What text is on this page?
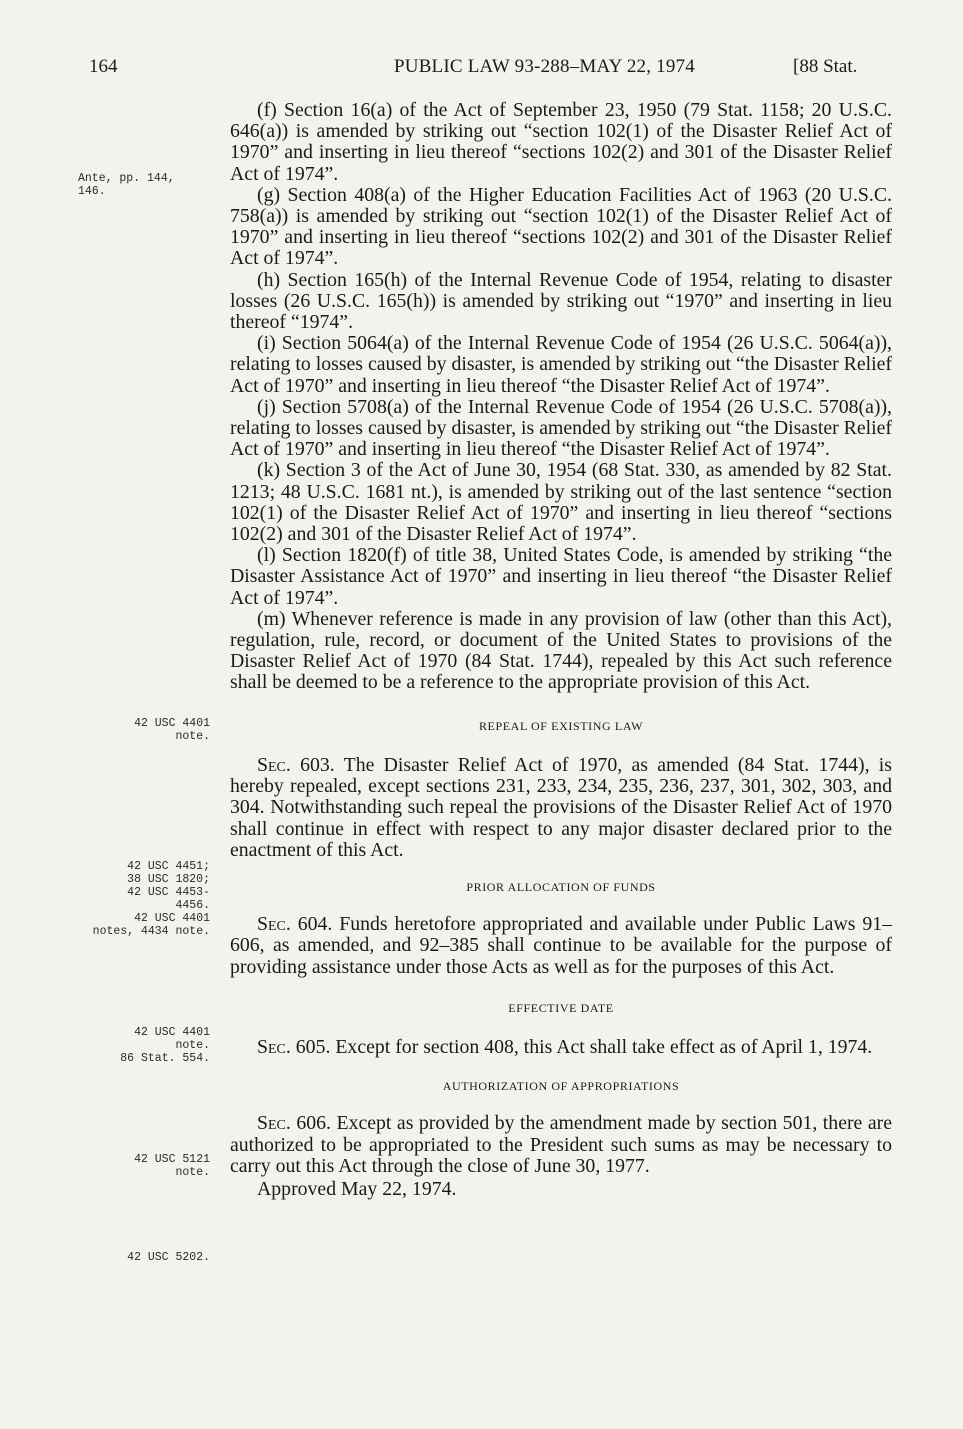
164	PUBLIC LAW 93-288–MAY 22, 1974	[88 Stat.
Ante, pp. 144,
146.
42 USC 4401
note.
42 USC 4451;
38 USC 1820;
42 USC 4453-
4456.
42 USC 4401
notes, 4434 note.
42 USC 4401
note.
86 Stat. 554.
42 USC 5121
note.
42 USC 5202.

(f) Section 16(a) of the Act of September 23, 1950 (79 Stat. 1158; 20 U.S.C. 646(a)) is amended by striking out “section 102(1) of the Disaster Relief Act of 1970” and inserting in lieu thereof “sections 102(2) and 301 of the Disaster Relief Act of 1974”.

(g) Section 408(a) of the Higher Education Facilities Act of 1963 (20 U.S.C. 758(a)) is amended by striking out “section 102(1) of the Disaster Relief Act of 1970” and inserting in lieu thereof “sections 102(2) and 301 of the Disaster Relief Act of 1974”.

(h) Section 165(h) of the Internal Revenue Code of 1954, relating to disaster losses (26 U.S.C. 165(h)) is amended by striking out “1970” and inserting in lieu thereof “1974”.

(i) Section 5064(a) of the Internal Revenue Code of 1954 (26 U.S.C. 5064(a)), relating to losses caused by disaster, is amended by striking out “the Disaster Relief Act of 1970” and inserting in lieu thereof “the Disaster Relief Act of 1974”.

(j) Section 5708(a) of the Internal Revenue Code of 1954 (26 U.S.C. 5708(a)), relating to losses caused by disaster, is amended by striking out “the Disaster Relief Act of 1970” and inserting in lieu thereof “the Disaster Relief Act of 1974”.

(k) Section 3 of the Act of June 30, 1954 (68 Stat. 330, as amended by 82 Stat. 1213; 48 U.S.C. 1681 nt.), is amended by striking out of the last sentence “section 102(1) of the Disaster Relief Act of 1970” and inserting in lieu thereof “sections 102(2) and 301 of the Disaster Relief Act of 1974”.

(l) Section 1820(f) of title 38, United States Code, is amended by striking “the Disaster Assistance Act of 1970” and inserting in lieu thereof “the Disaster Relief Act of 1974”.

(m) Whenever reference is made in any provision of law (other than this Act), regulation, rule, record, or document of the United States to provisions of the Disaster Relief Act of 1970 (84 Stat. 1744), repealed by this Act such reference shall be deemed to be a reference to the appropriate provision of this Act.

REPEAL OF EXISTING LAW

Sec. 603. The Disaster Relief Act of 1970, as amended (84 Stat. 1744), is hereby repealed, except sections 231, 233, 234, 235, 236, 237, 301, 302, 303, and 304. Notwithstanding such repeal the provisions of the Disaster Relief Act of 1970 shall continue in effect with respect to any major disaster declared prior to the enactment of this Act.

PRIOR ALLOCATION OF FUNDS

Sec. 604. Funds heretofore appropriated and available under Public Laws 91–606, as amended, and 92–385 shall continue to be available for the purpose of providing assistance under those Acts as well as for the purposes of this Act.

EFFECTIVE DATE

Sec. 605. Except for section 408, this Act shall take effect as of April 1, 1974.

AUTHORIZATION OF APPROPRIATIONS

Sec. 606. Except as provided by the amendment made by section 501, there are authorized to be appropriated to the President such sums as may be necessary to carry out this Act through the close of June 30, 1977.

Approved May 22, 1974.
